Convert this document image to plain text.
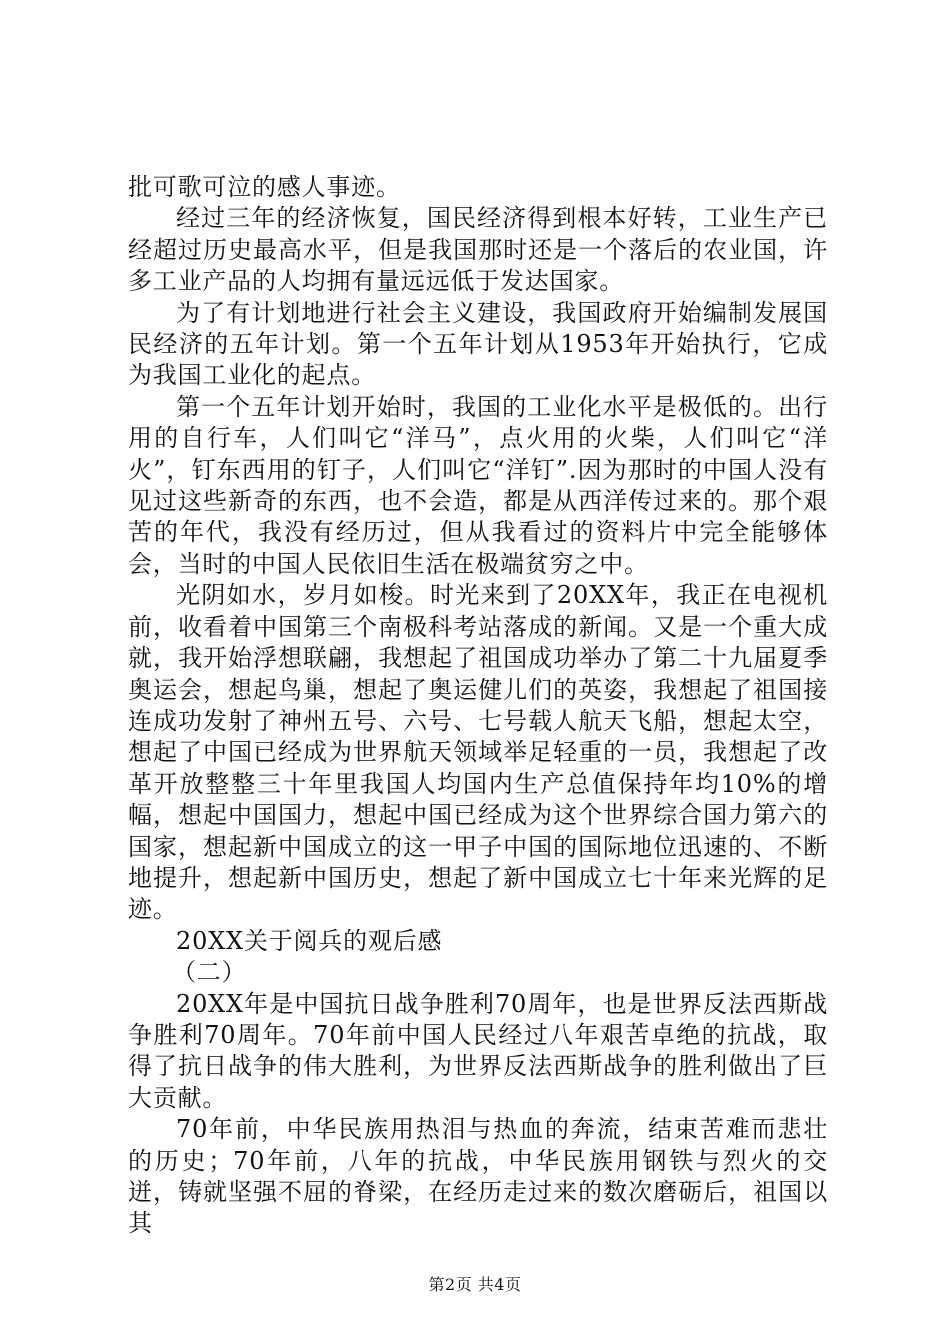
批可歌可泣的感人事迹。

经过三年的经济恢复，国民经济得到根本好转，工业生产已经超过历史最高水平，但是我国那时还是一个落后的农业国，许多工业产品的人均拥有量远远低于发达国家。

为了有计划地进行社会主义建设，我国政府开始编制发展国民经济的五年计划。第一个五年计划从1953年开始执行，它成为我国工业化的起点。

第一个五年计划开始时，我国的工业化水平是极低的。出行用的自行车，人们叫它“洋马”，点火用的火柴，人们叫它“洋火”，钉东西用的钉子，人们叫它“洋钉”.因为那时的中国人没有见过这些新奇的东西，也不会造，都是从西洋传过来的。那个艰苦的年代，我没有经历过，但从我看过的资料片中完全能够体会，当时的中国人民依旧生活在极端贫穷之中。

光阴如水，岁月如梭。时光来到了20XX年，我正在电视机前，收看着中国第三个南极科考站落成的新闻。又是一个重大成就，我开始浮想联翩，我想起了祖国成功举办了第二十九届夏季奥运会，想起鸟巢，想起了奥运健儿们的英姿，我想起了祖国接连成功发射了神州五号、六号、七号载人航天飞船，想起太空，想起了中国已经成为世界航天领域举足轻重的一员，我想起了改革开放整整三十年里我国人均国内生产总值保持年均10%的增幅，想起中国国力，想起中国已经成为这个世界综合国力第六的国家，想起新中国成立的这一甲子中国的国际地位迅速的、不断地提升，想起新中国历史，想起了新中国成立七十年来光辉的足迹。

20XX关于阅兵的观后感

（二）

20XX年是中国抗日战争胜利70周年，也是世界反法西斯战争胜利70周年。70年前中国人民经过八年艰苦卓绝的抗战，取得了抗日战争的伟大胜利，为世界反法西斯战争的胜利做出了巨大贡献。

70年前，中华民族用热泪与热血的奔流，结束苦难而悲壮的历史；70年前，八年的抗战，中华民族用钢铁与烈火的交迸，铸就坚强不屈的脊梁，在经历走过来的数次磨砺后，祖国以其

第2页 共4页
